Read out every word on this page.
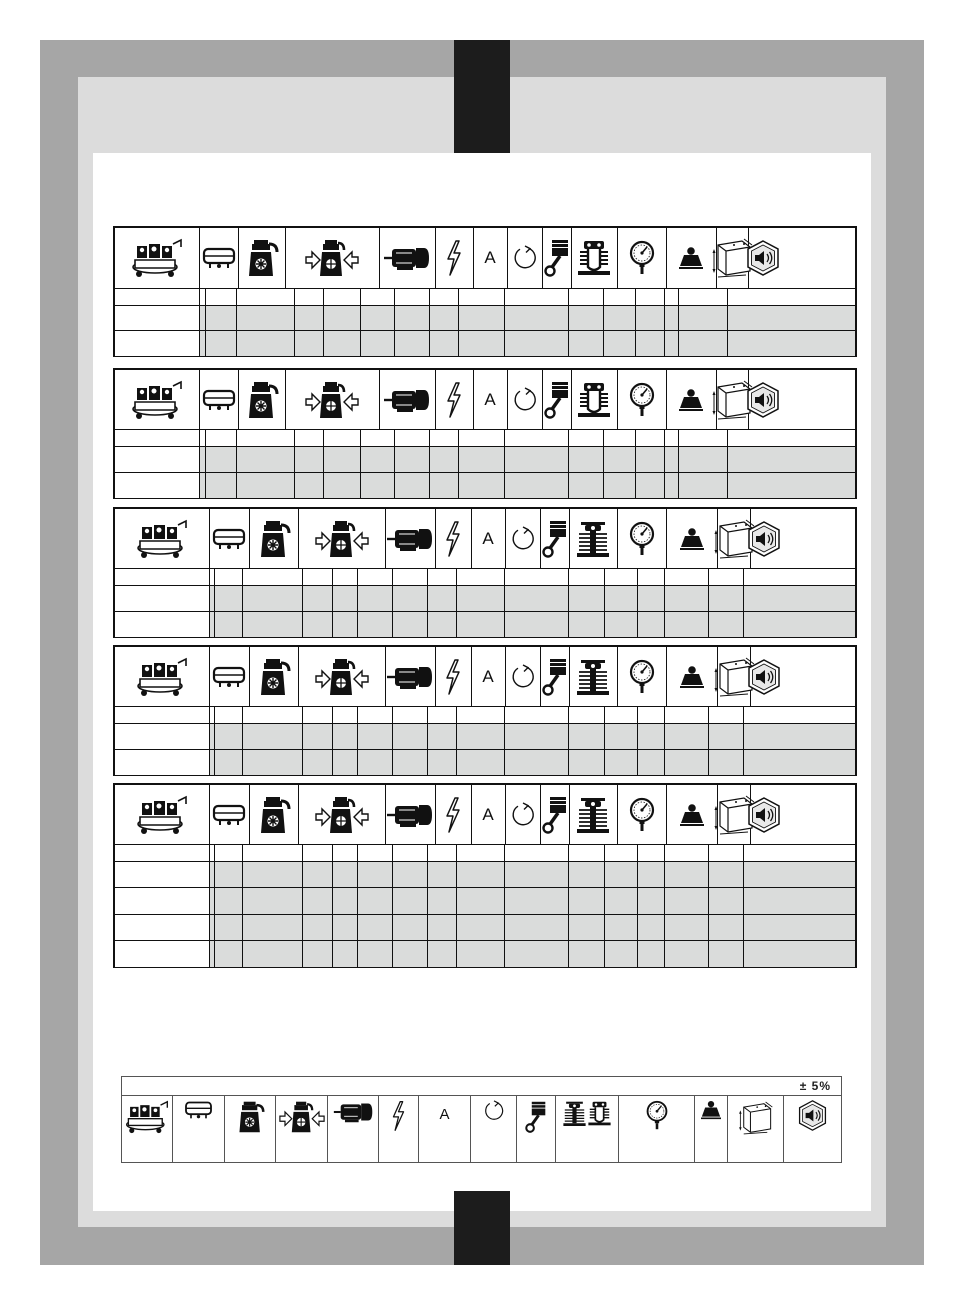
A
A
A
A
A
± 5%
A
